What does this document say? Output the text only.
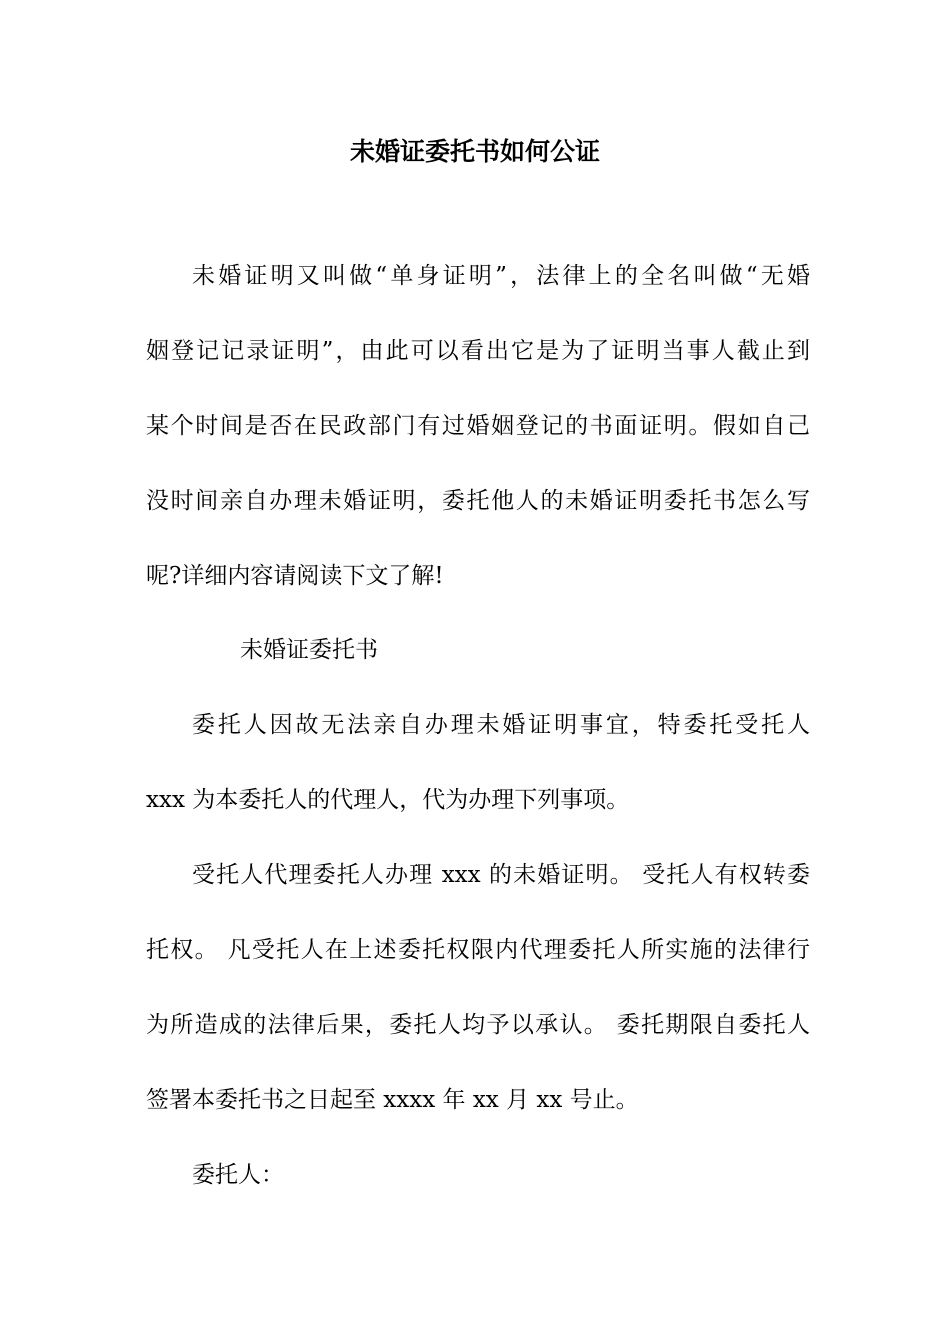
未婚证委托书如何公证

未婚证明又叫做“单身证明”，法律上的全名叫做“无婚

姻登记记录证明”，由此可以看出它是为了证明当事人截止到

某个时间是否在民政部门有过婚姻登记的书面证明。假如自己

没时间亲自办理未婚证明，委托他人的未婚证明委托书怎么写

呢?详细内容请阅读下文了解!

未婚证委托书

委托人因故无法亲自办理未婚证明事宜，特委托受托人

xxx 为本委托人的代理人，代为办理下列事项。

受托人代理委托人办理 xxx 的未婚证明。 受托人有权转委

托权。 凡受托人在上述委托权限内代理委托人所实施的法律行

为所造成的法律后果，委托人均予以承认。 委托期限自委托人

签署本委托书之日起至 xxxx 年 xx 月 xx 号止。

委托人：
